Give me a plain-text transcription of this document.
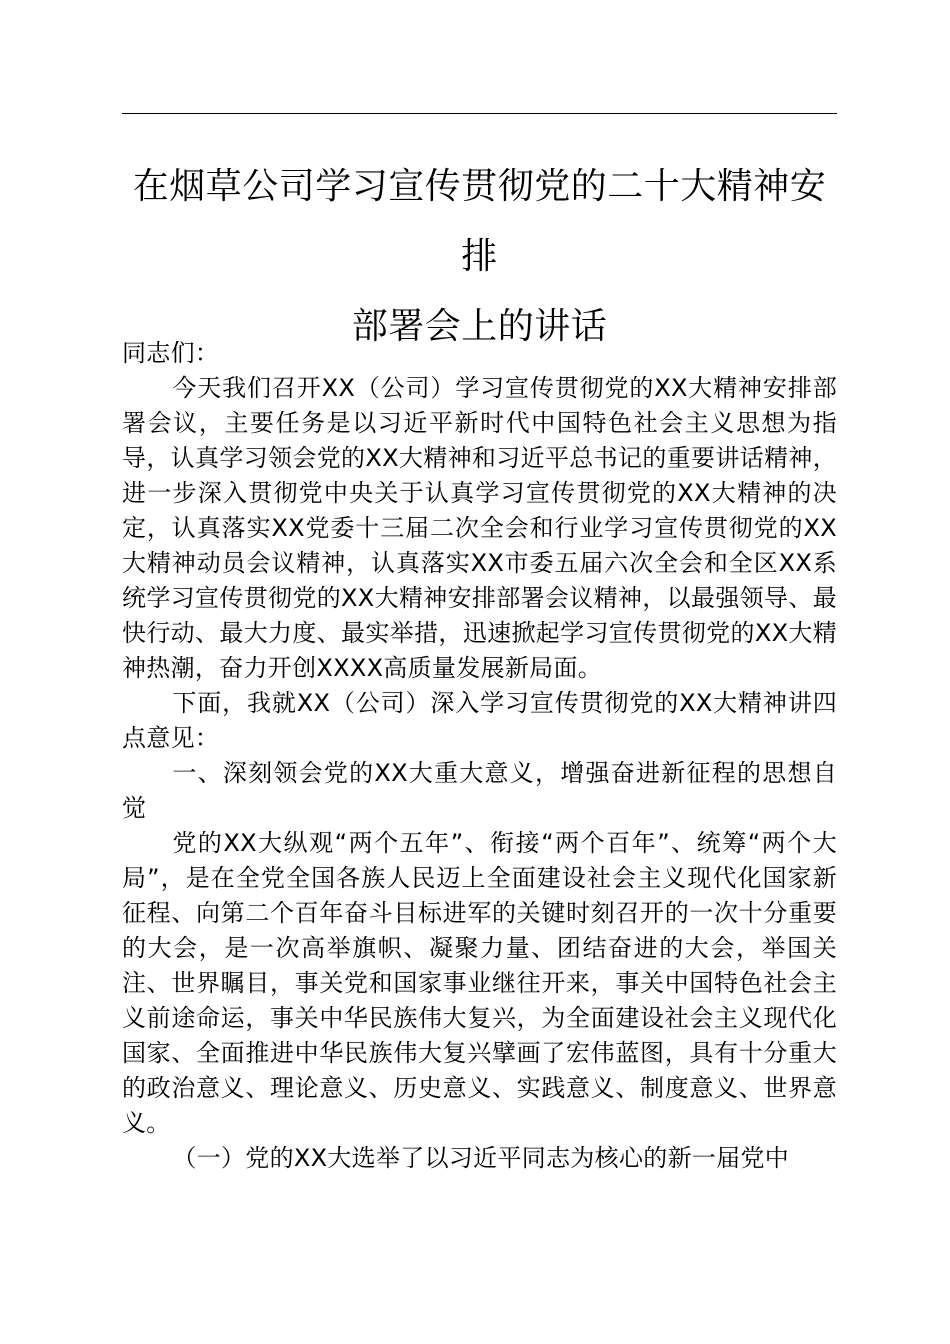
在烟草公司学习宣传贯彻党的二十大精神安排
部署会上的讲话

同志们：

今天我们召开XX（公司）学习宣传贯彻党的XX大精神安排部署会议，主要任务是以习近平新时代中国特色社会主义思想为指导，认真学习领会党的XX大精神和习近平总书记的重要讲话精神，进一步深入贯彻党中央关于认真学习宣传贯彻党的XX大精神的决定，认真落实XX党委十三届二次全会和行业学习宣传贯彻党的XX大精神动员会议精神，认真落实XX市委五届六次全会和全区XX系统学习宣传贯彻党的XX大精神安排部署会议精神，以最强领导、最快行动、最大力度、最实举措，迅速掀起学习宣传贯彻党的XX大精神热潮，奋力开创XXXX高质量发展新局面。

下面，我就XX（公司）深入学习宣传贯彻党的XX大精神讲四点意见：

一、深刻领会党的XX大重大意义，增强奋进新征程的思想自觉

党的XX大纵观“两个五年”、衔接“两个百年”、统筹“两个大局”，是在全党全国各族人民迈上全面建设社会主义现代化国家新征程、向第二个百年奋斗目标进军的关键时刻召开的一次十分重要的大会，是一次高举旗帜、凝聚力量、团结奋进的大会，举国关注、世界瞩目，事关党和国家事业继往开来，事关中国特色社会主义前途命运，事关中华民族伟大复兴，为全面建设社会主义现代化国家、全面推进中华民族伟大复兴擘画了宏伟蓝图，具有十分重大的政治意义、理论意义、历史意义、实践意义、制度意义、世界意义。

（一）党的XX大选举了以习近平同志为核心的新一届党中
